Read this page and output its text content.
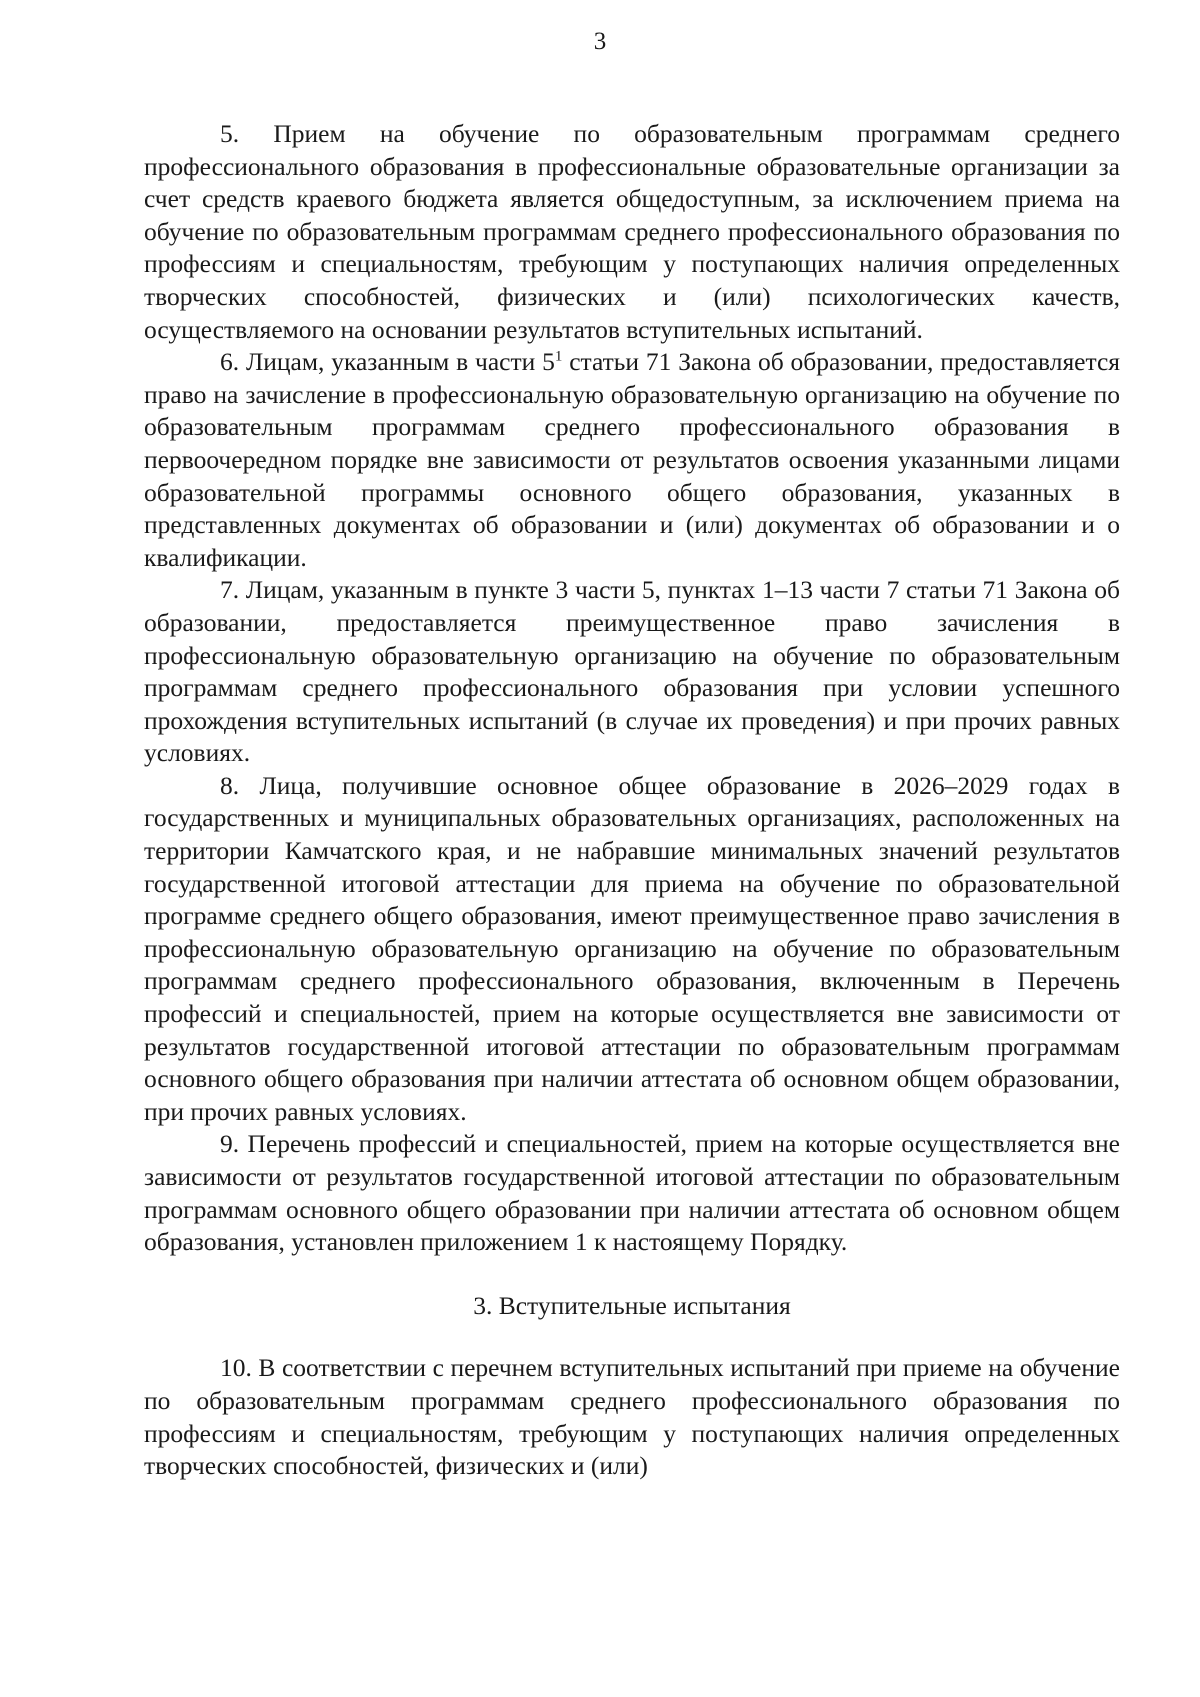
3

5. Прием на обучение по образовательным программам среднего профессионального образования в профессиональные образовательные организации за счет средств краевого бюджета является общедоступным, за исключением приема на обучение по образовательным программам среднего профессионального образования по профессиям и специальностям, требующим у поступающих наличия определенных творческих способностей, физических и (или) психологических качеств, осуществляемого на основании результатов вступительных испытаний.

6. Лицам, указанным в части $5^1$ статьи 71 Закона об образовании, предоставляется право на зачисление в профессиональную образовательную организацию на обучение по образовательным программам среднего профессионального образования в первоочередном порядке вне зависимости от результатов освоения указанными лицами образовательной программы основного общего образования, указанных в представленных документах об образовании и (или) документах об образовании и о квалификации.

7. Лицам, указанным в пункте 3 части 5, пунктах 1–13 части 7 статьи 71 Закона об образовании, предоставляется преимущественное право зачисления в профессиональную образовательную организацию на обучение по образовательным программам среднего профессионального образования при условии успешного прохождения вступительных испытаний (в случае их проведения) и при прочих равных условиях.

8. Лица, получившие основное общее образование в 2026–2029 годах в государственных и муниципальных образовательных организациях, расположенных на территории Камчатского края, и не набравшие минимальных значений результатов государственной итоговой аттестации для приема на обучение по образовательной программе среднего общего образования, имеют преимущественное право зачисления в профессиональную образовательную организацию на обучение по образовательным программам среднего профессионального образования, включенным в Перечень профессий и специальностей, прием на которые осуществляется вне зависимости от результатов государственной итоговой аттестации по образовательным программам основного общего образования при наличии аттестата об основном общем образовании, при прочих равных условиях.

9. Перечень профессий и специальностей, прием на которые осуществляется вне зависимости от результатов государственной итоговой аттестации по образовательным программам основного общего образовании при наличии аттестата об основном общем образования, установлен приложением 1 к настоящему Порядку.

3. Вступительные испытания

10. В соответствии с перечнем вступительных испытаний при приеме на обучение по образовательным программам среднего профессионального образования по профессиям и специальностям, требующим у поступающих наличия определенных творческих способностей, физических и (или)
